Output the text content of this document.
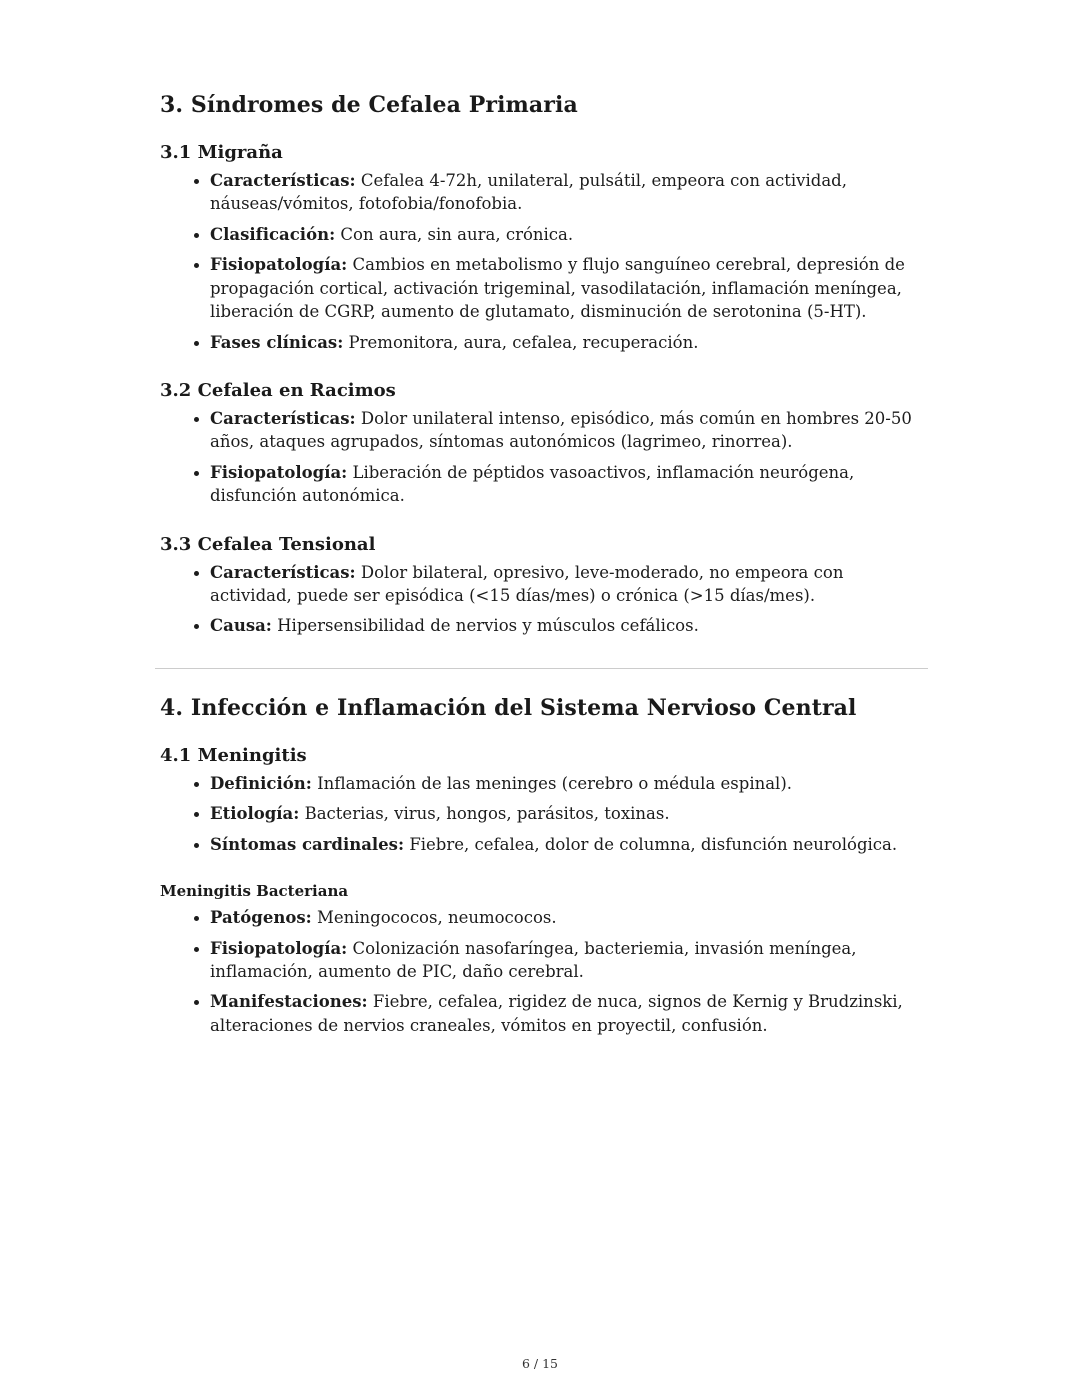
3. Síndromes de Cefalea Primaria
3.1 Migraña
• Características: Cefalea 4-72h, unilateral, pulsátil, empeora con actividad, náuseas/vómitos, fotofobia/fonofobia.
• Clasificación: Con aura, sin aura, crónica.
• Fisiopatología: Cambios en metabolismo y flujo sanguíneo cerebral, depresión de propagación cortical, activación trigeminal, vasodilatación, inflamación meníngea, liberación de CGRP, aumento de glutamato, disminución de serotonina (5-HT).
• Fases clínicas: Premonitora, aura, cefalea, recuperación.
3.2 Cefalea en Racimos
• Características: Dolor unilateral intenso, episódico, más común en hombres 20-50 años, ataques agrupados, síntomas autonómicos (lagrimeo, rinorrea).
• Fisiopatología: Liberación de péptidos vasoactivos, inflamación neurógena, disfunción autonómica.
3.3 Cefalea Tensional
• Características: Dolor bilateral, opresivo, leve-moderado, no empeora con actividad, puede ser episódica (<15 días/mes) o crónica (>15 días/mes).
• Causa: Hipersensibilidad de nervios y músculos cefálicos.
4. Infección e Inflamación del Sistema Nervioso Central
4.1 Meningitis
• Definición: Inflamación de las meninges (cerebro o médula espinal).
• Etiología: Bacterias, virus, hongos, parásitos, toxinas.
• Síntomas cardinales: Fiebre, cefalea, dolor de columna, disfunción neurológica.
Meningitis Bacteriana
• Patógenos: Meningococos, neumococos.
• Fisiopatología: Colonización nasofaríngea, bacteriemia, invasión meníngea, inflamación, aumento de PIC, daño cerebral.
• Manifestaciones: Fiebre, cefalea, rigidez de nuca, signos de Kernig y Brudzinski, alteraciones de nervios craneales, vómitos en proyectil, confusión.
6 / 15
